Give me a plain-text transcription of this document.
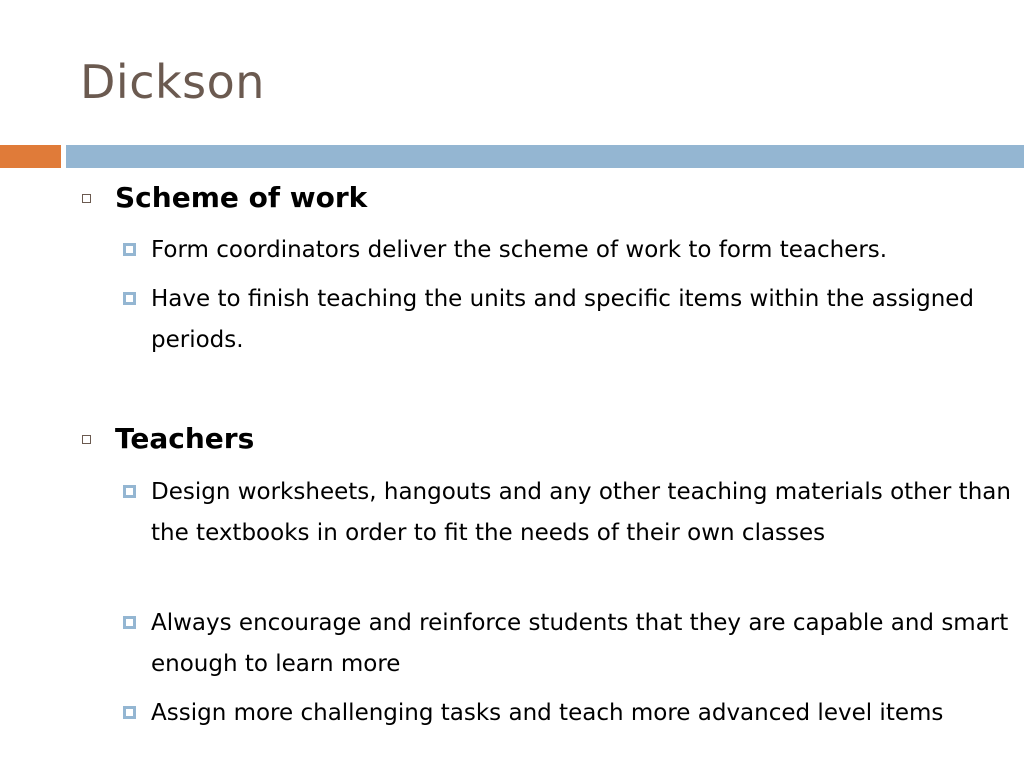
Dickson
Scheme of work
Form coordinators deliver the scheme of work to form teachers.
Have to finish teaching the units and specific items within the assigned periods.
Teachers
Design worksheets, hangouts and any other teaching materials other than the textbooks in order to fit the needs of their own classes
Always encourage and reinforce students that they are capable and smart enough to learn more
Assign more challenging tasks and teach more advanced level items
